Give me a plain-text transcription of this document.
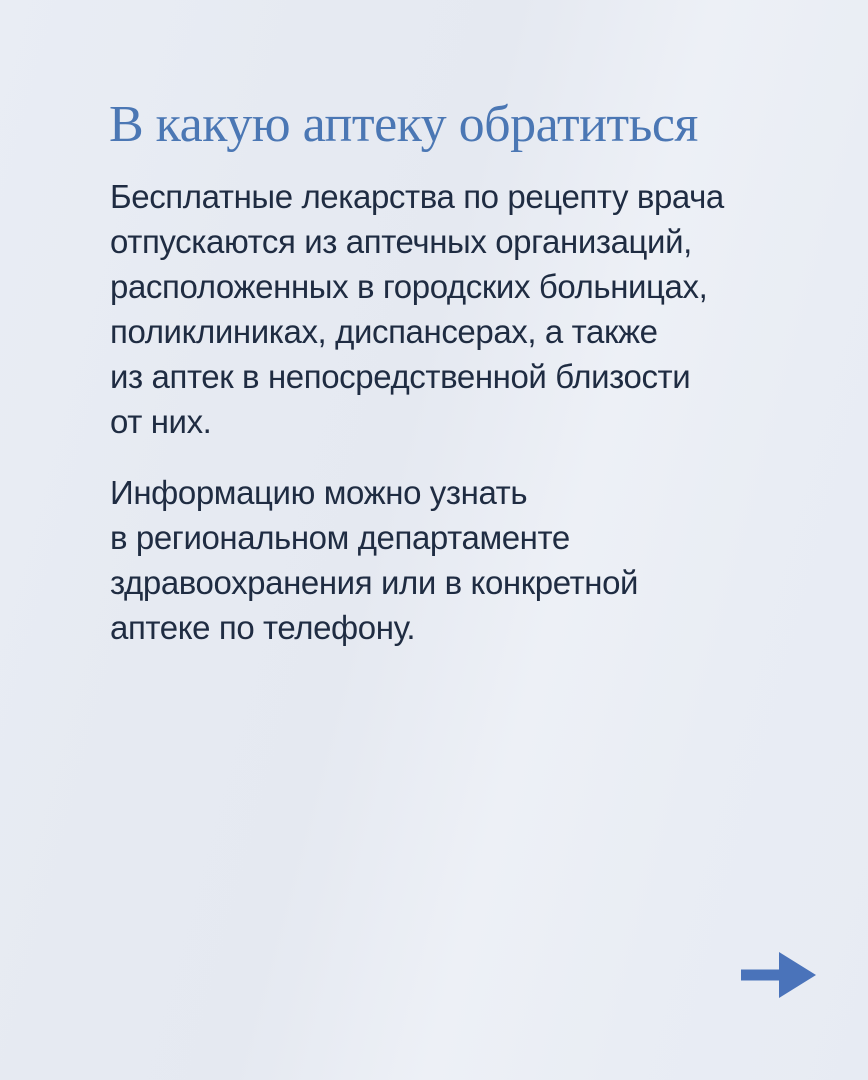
В какую аптеку обратиться

Бесплатные лекарства по рецепту врача
отпускаются из аптечных организаций,
расположенных в городских больницах,
поликлиниках, диспансерах, а также
из аптек в непосредственной близости
от них.

Информацию можно узнать
в региональном департаменте
здравоохранения или в конкретной
аптеке по телефону.
